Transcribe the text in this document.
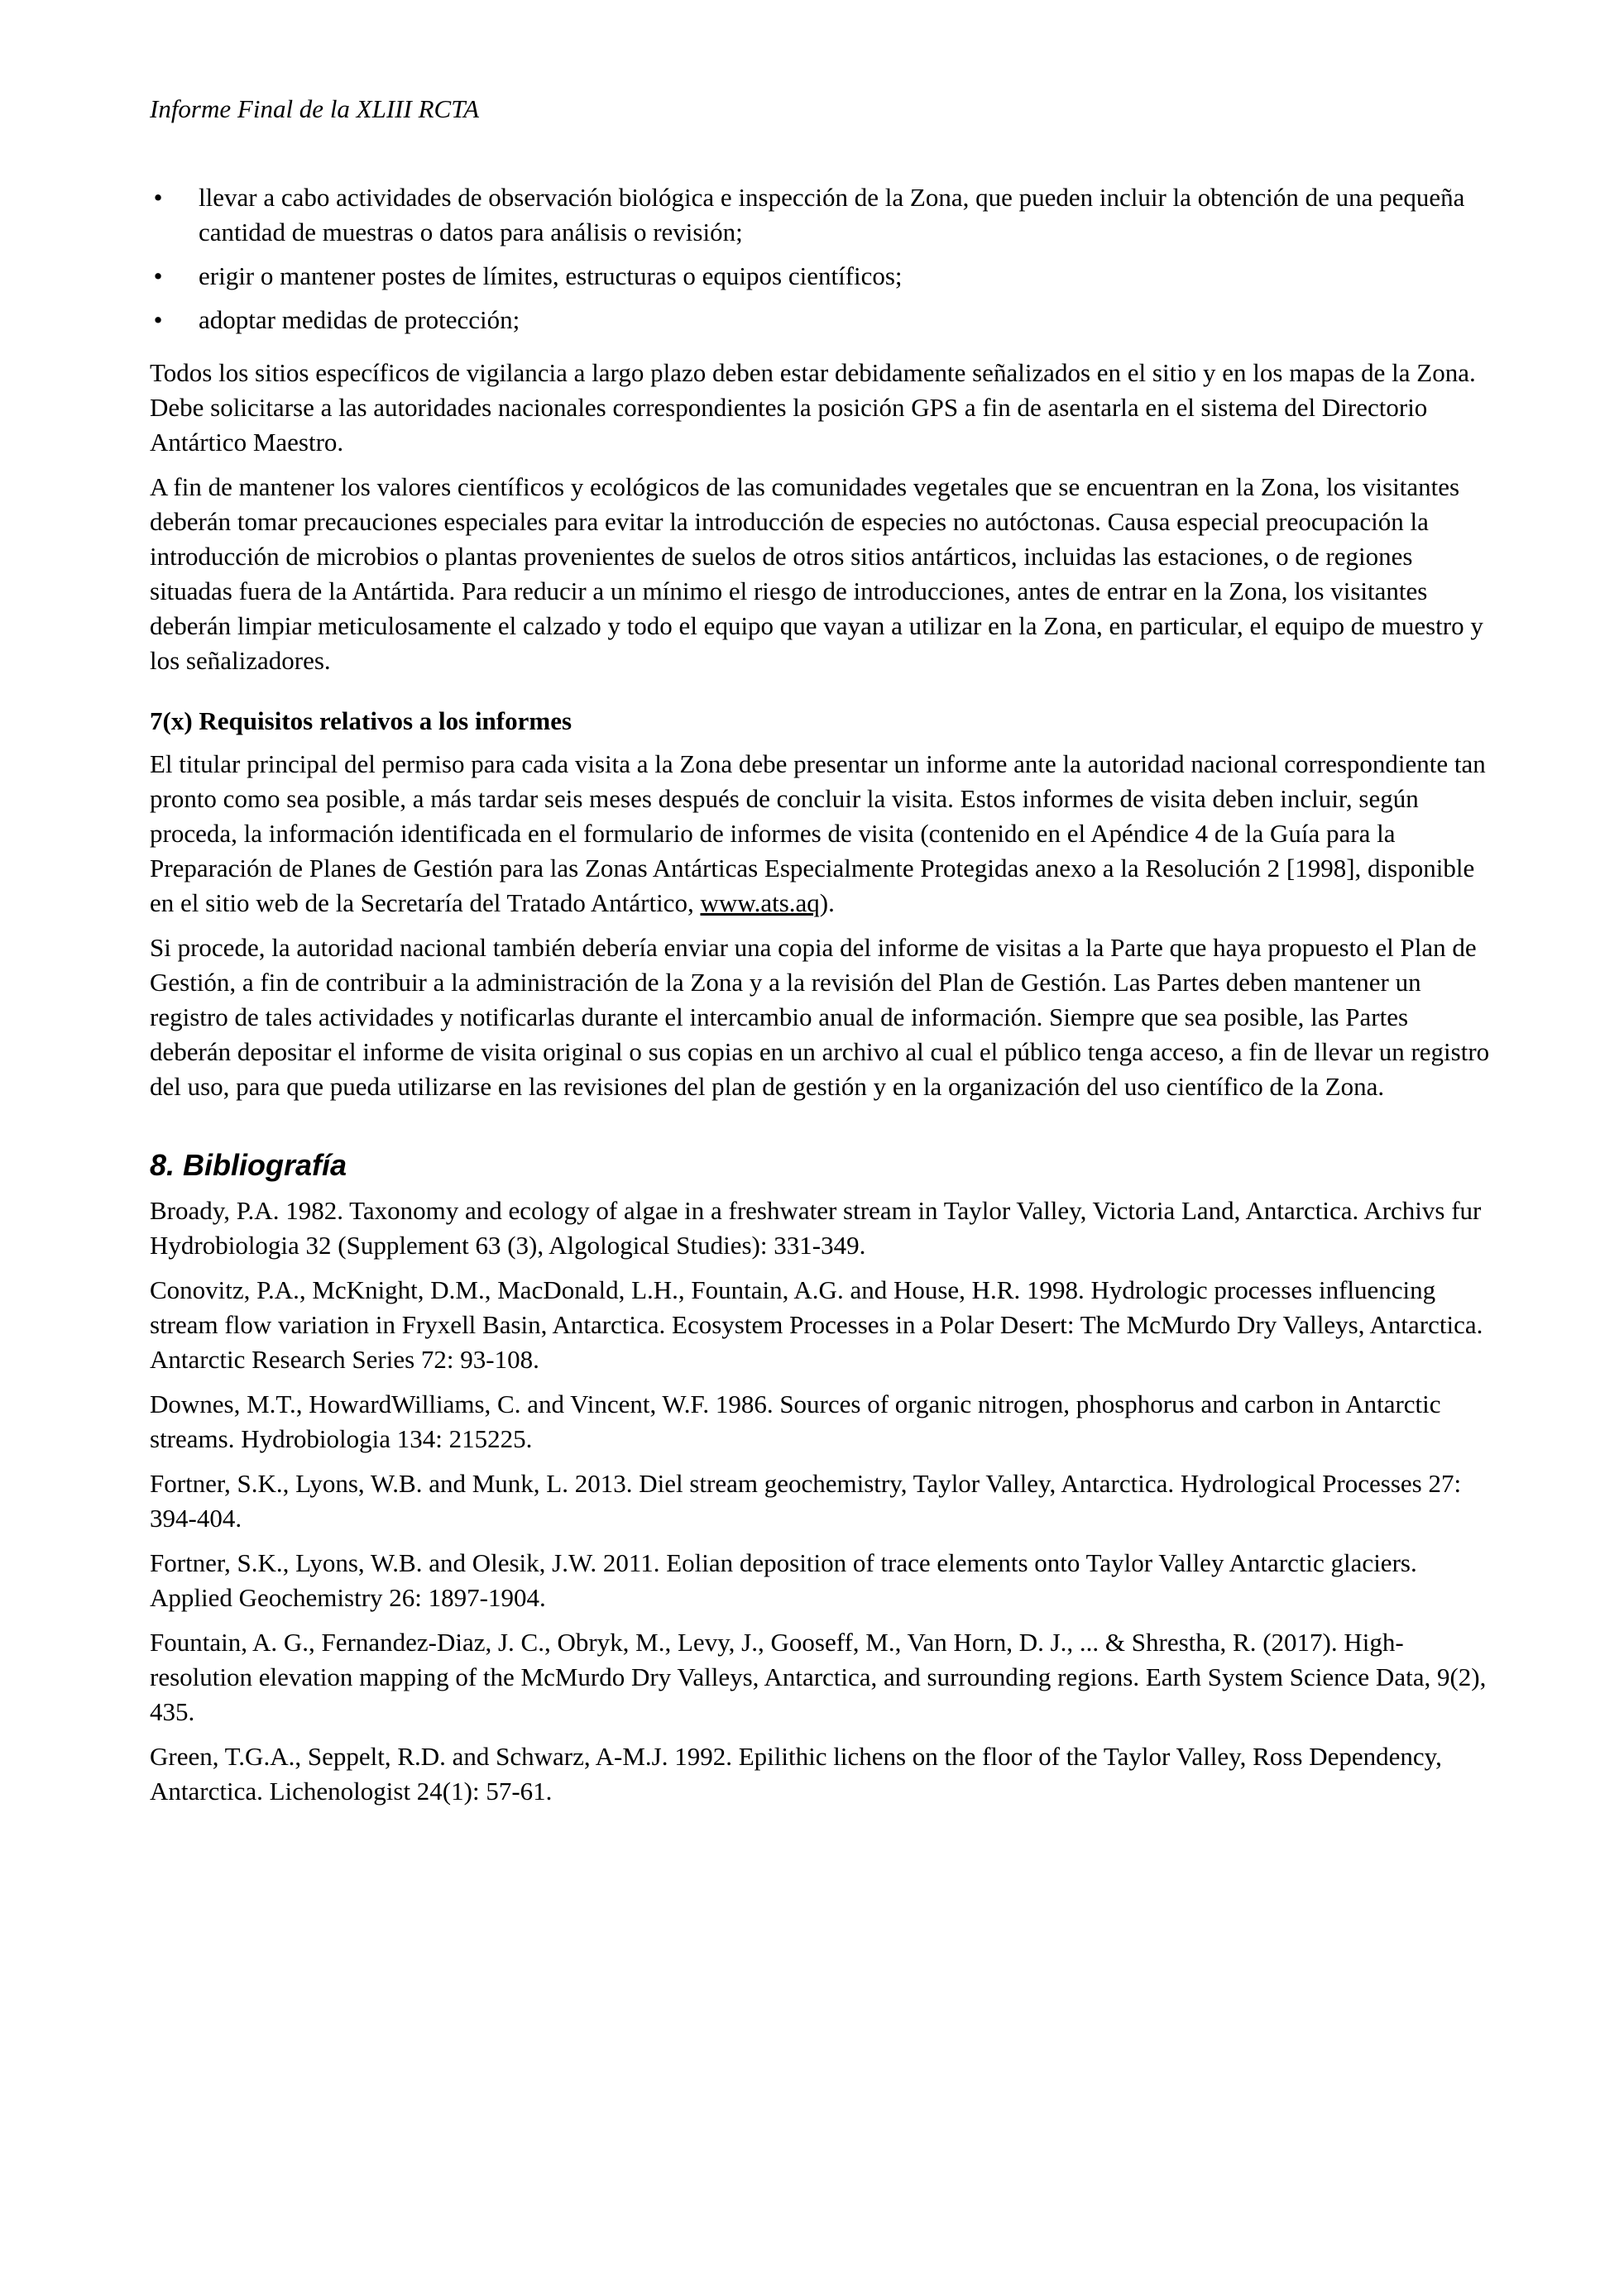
Informe Final de la XLIII RCTA
• llevar a cabo actividades de observación biológica e inspección de la Zona, que pueden incluir la obtención de una pequeña cantidad de muestras o datos para análisis o revisión;
• erigir o mantener postes de límites, estructuras o equipos científicos;
• adoptar medidas de protección;

Todos los sitios específicos de vigilancia a largo plazo deben estar debidamente señalizados en el sitio y en los mapas de la Zona. Debe solicitarse a las autoridades nacionales correspondientes la posición GPS a fin de asentarla en el sistema del Directorio Antártico Maestro.

A fin de mantener los valores científicos y ecológicos de las comunidades vegetales que se encuentran en la Zona, los visitantes deberán tomar precauciones especiales para evitar la introducción de especies no autóctonas. Causa especial preocupación la introducción de microbios o plantas provenientes de suelos de otros sitios antárticos, incluidas las estaciones, o de regiones situadas fuera de la Antártida. Para reducir a un mínimo el riesgo de introducciones, antes de entrar en la Zona, los visitantes deberán limpiar meticulosamente el calzado y todo el equipo que vayan a utilizar en la Zona, en particular, el equipo de muestro y los señalizadores.

7(x) Requisitos relativos a los informes

El titular principal del permiso para cada visita a la Zona debe presentar un informe ante la autoridad nacional correspondiente tan pronto como sea posible, a más tardar seis meses después de concluir la visita. Estos informes de visita deben incluir, según proceda, la información identificada en el formulario de informes de visita (contenido en el Apéndice 4 de la Guía para la Preparación de Planes de Gestión para las Zonas Antárticas Especialmente Protegidas anexo a la Resolución 2 [1998], disponible en el sitio web de la Secretaría del Tratado Antártico, www.ats.aq).

Si procede, la autoridad nacional también debería enviar una copia del informe de visitas a la Parte que haya propuesto el Plan de Gestión, a fin de contribuir a la administración de la Zona y a la revisión del Plan de Gestión. Las Partes deben mantener un registro de tales actividades y notificarlas durante el intercambio anual de información. Siempre que sea posible, las Partes deberán depositar el informe de visita original o sus copias en un archivo al cual el público tenga acceso, a fin de llevar un registro del uso, para que pueda utilizarse en las revisiones del plan de gestión y en la organización del uso científico de la Zona.

8. Bibliografía

Broady, P.A. 1982. Taxonomy and ecology of algae in a freshwater stream in Taylor Valley, Victoria Land, Antarctica. Archivs fur Hydrobiologia 32 (Supplement 63 (3), Algological Studies): 331-349.

Conovitz, P.A., McKnight, D.M., MacDonald, L.H., Fountain, A.G. and House, H.R. 1998. Hydrologic processes influencing stream flow variation in Fryxell Basin, Antarctica. Ecosystem Processes in a Polar Desert: The McMurdo Dry Valleys, Antarctica. Antarctic Research Series 72: 93-108.

Downes, M.T., HowardWilliams, C. and Vincent, W.F. 1986. Sources of organic nitrogen, phosphorus and carbon in Antarctic streams. Hydrobiologia 134: 215225.

Fortner, S.K., Lyons, W.B. and Munk, L. 2013. Diel stream geochemistry, Taylor Valley, Antarctica. Hydrological Processes 27: 394-404.

Fortner, S.K., Lyons, W.B. and Olesik, J.W. 2011. Eolian deposition of trace elements onto Taylor Valley Antarctic glaciers. Applied Geochemistry 26: 1897-1904.

Fountain, A. G., Fernandez-Diaz, J. C., Obryk, M., Levy, J., Gooseff, M., Van Horn, D. J., ... & Shrestha, R. (2017). High-resolution elevation mapping of the McMurdo Dry Valleys, Antarctica, and surrounding regions. Earth System Science Data, 9(2), 435.

Green, T.G.A., Seppelt, R.D. and Schwarz, A-M.J. 1992. Epilithic lichens on the floor of the Taylor Valley, Ross Dependency, Antarctica. Lichenologist 24(1): 57-61.
